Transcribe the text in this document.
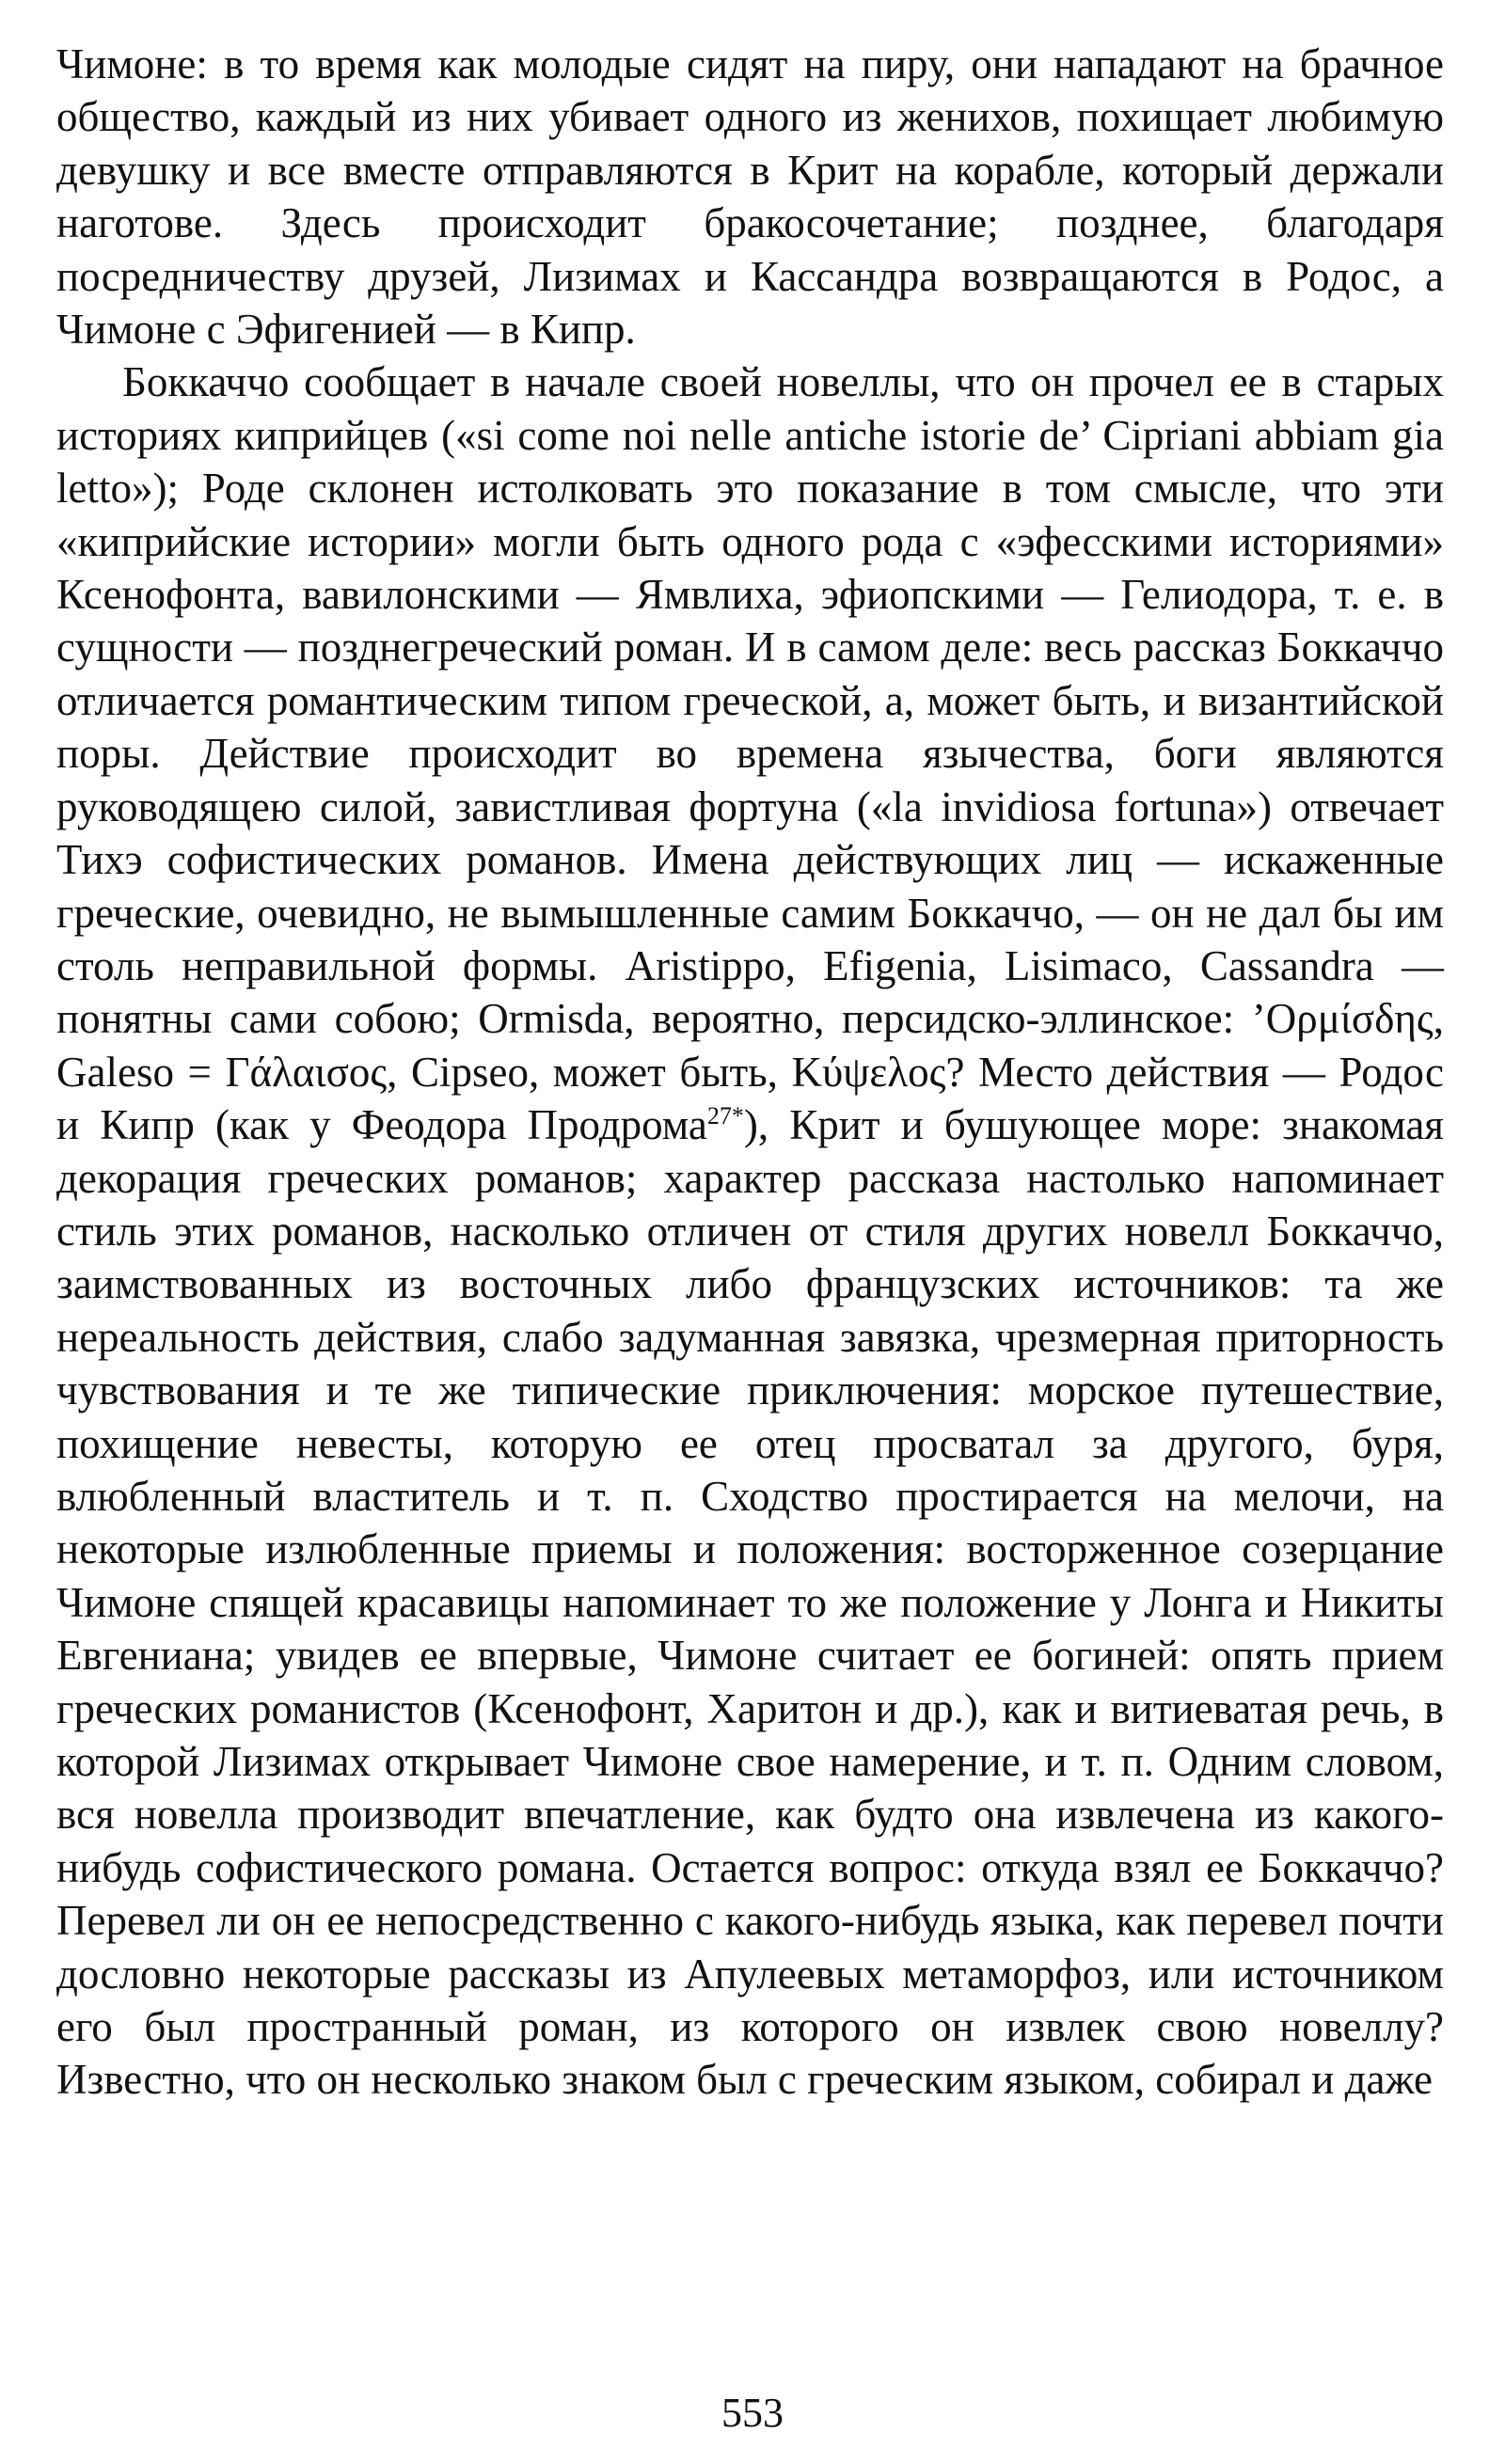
Чимоне: в то время как молодые сидят на пиру, они нападают на брачное общество, каждый из них убивает одного из женихов, похищает любимую девушку и все вместе отправляются в Крит на корабле, который держали наготове. Здесь происходит бракосочетание; позднее, благодаря посредничеству друзей, Лизимах и Кассандра возвращаются в Родос, а Чимоне с Эфигенией — в Кипр.

Боккаччо сообщает в начале своей новеллы, что он прочел ее в старых историях киприйцев («si come noi nelle antiche istorie de’ Cipriani abbiam gia letto»); Роде склонен истолковать это показание в том смысле, что эти «киприйские истории» могли быть одного рода с «эфесскими историями» Ксенофонта, вавилонскими — Ямвлиха, эфиопскими — Гелиодора, т. е. в сущности — позднегреческий роман. И в самом деле: весь рассказ Боккаччо отличается романтическим типом греческой, а, может быть, и византийской поры. Действие происходит во времена язычества, боги являются руководящею силой, завистливая фортуна («la invidiosa fortuna») отвечает Тихэ софистических романов. Имена действующих лиц — искаженные греческие, очевидно, не вымышленные самим Боккаччо, — он не дал бы им столь неправильной формы. Aristippo, Efigenia, Lisimaco, Cassandra — понятны сами собою; Ormisda, вероятно, персидско-эллинское: ’Ορμίσδης, Galeso = Γάλαισος, Cipseo, может быть, Κύψελος? Место действия — Родос и Кипр (как у Феодора Продрома$^{27*}$), Крит и бушующее море: знакомая декорация греческих романов; характер рассказа настолько напоминает стиль этих романов, насколько отличен от стиля других новелл Боккаччо, заимствованных из восточных либо французских источников: та же нереальность действия, слабо задуманная завязка, чрезмерная приторность чувствования и те же типические приключения: морское путешествие, похищение невесты, которую ее отец просватал за другого, буря, влюбленный властитель и т. п. Сходство простирается на мелочи, на некоторые излюбленные приемы и положения: восторженное созерцание Чимоне спящей красавицы напоминает то же положение у Лонга и Никиты Евгениана; увидев ее впервые, Чимоне считает ее богиней: опять прием греческих романистов (Ксенофонт, Харитон и др.), как и витиеватая речь, в которой Лизимах открывает Чимоне свое намерение, и т. п. Одним словом, вся новелла производит впечатление, как будто она извлечена из какого-нибудь софистического романа. Остается вопрос: откуда взял ее Боккаччо? Перевел ли он ее непосредственно с какого-нибудь языка, как перевел почти дословно некоторые рассказы из Апулеевых метаморфоз, или источником его был пространный роман, из которого он извлек свою новеллу? Известно, что он несколько знаком был с греческим языком, собирал и даже

553
